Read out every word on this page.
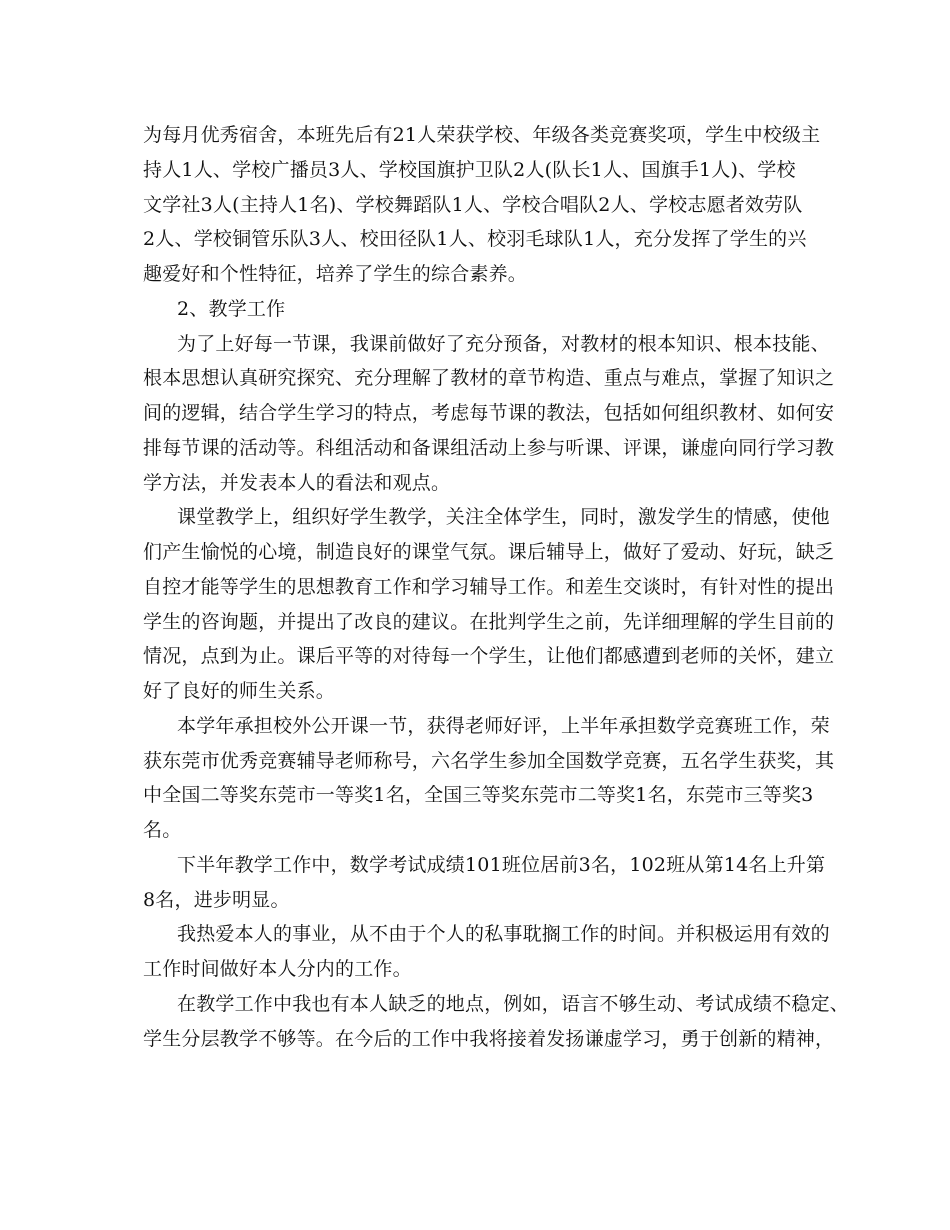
为每月优秀宿舍，本班先后有21人荣获学校、年级各类竞赛奖项，学生中校级主
持人1人、学校广播员3人、学校国旗护卫队2人(队长1人、国旗手1人)、学校
文学社3人(主持人1名)、学校舞蹈队1人、学校合唱队2人、学校志愿者效劳队
2人、学校铜管乐队3人、校田径队1人、校羽毛球队1人，充分发挥了学生的兴
趣爱好和个性特征，培养了学生的综合素养。
2、教学工作
为了上好每一节课，我课前做好了充分预备，对教材的根本知识、根本技能、
根本思想认真研究探究、充分理解了教材的章节构造、重点与难点，掌握了知识之
间的逻辑，结合学生学习的特点，考虑每节课的教法，包括如何组织教材、如何安
排每节课的活动等。科组活动和备课组活动上参与听课、评课，谦虚向同行学习教
学方法，并发表本人的看法和观点。
课堂教学上，组织好学生教学，关注全体学生，同时，激发学生的情感，使他
们产生愉悦的心境，制造良好的课堂气氛。课后辅导上，做好了爱动、好玩，缺乏
自控才能等学生的思想教育工作和学习辅导工作。和差生交谈时，有针对性的提出
学生的咨询题，并提出了改良的建议。在批判学生之前，先详细理解的学生目前的
情况，点到为止。课后平等的对待每一个学生，让他们都感遭到老师的关怀，建立
好了良好的师生关系。
本学年承担校外公开课一节，获得老师好评，上半年承担数学竞赛班工作，荣
获东莞市优秀竞赛辅导老师称号，六名学生参加全国数学竞赛，五名学生获奖，其
中全国二等奖东莞市一等奖1名，全国三等奖东莞市二等奖1名，东莞市三等奖3
名。
下半年教学工作中，数学考试成绩101班位居前3名，102班从第14名上升第
8名，进步明显。
我热爱本人的事业，从不由于个人的私事耽搁工作的时间。并积极运用有效的
工作时间做好本人分内的工作。
在教学工作中我也有本人缺乏的地点，例如，语言不够生动、考试成绩不稳定、
学生分层教学不够等。在今后的工作中我将接着发扬谦虚学习，勇于创新的精神，
